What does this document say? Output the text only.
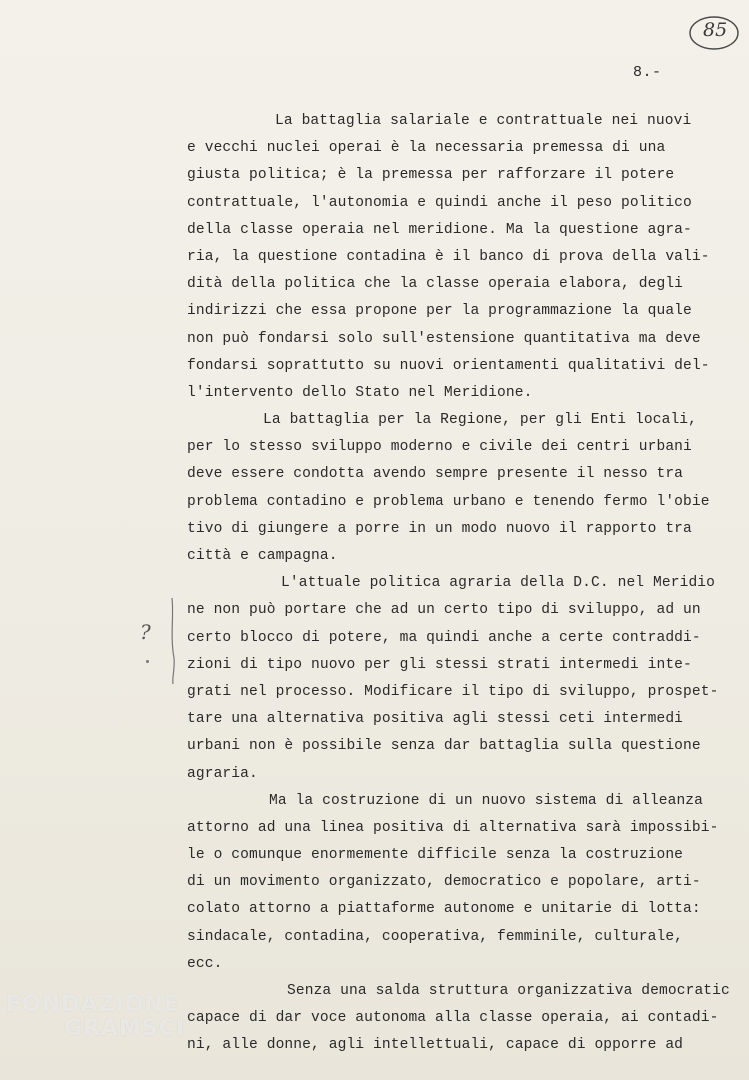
85
8.-
La battaglia salariale e contrattuale nei nuovi
e vecchi nuclei operai è la necessaria premessa di una
giusta politica; è la premessa per rafforzare il potere
contrattuale, l'autonomia e quindi anche il peso politico
della classe operaia nel meridione. Ma la questione agra-
ria, la questione contadina è il banco di prova della vali-
dità della politica che la classe operaia elabora, degli
indirizzi che essa propone per la programmazione la quale
non può fondarsi solo sull'estensione quantitativa ma deve
fondarsi soprattutto su nuovi orientamenti qualitativi del-
l'intervento dello Stato nel Meridione.
La battaglia per la Regione, per gli Enti locali,
per lo stesso sviluppo moderno e civile dei centri urbani
deve essere condotta avendo sempre presente il nesso tra
problema contadino e problema urbano e tenendo fermo l'obie
tivo di giungere a porre in un modo nuovo il rapporto tra
città e campagna.
L'attuale politica agraria della D.C. nel Meridio
ne non può portare che ad un certo tipo di sviluppo, ad un
certo blocco di potere, ma quindi anche a certe contraddi-
zioni di tipo nuovo per gli stessi strati intermedi inte-
grati nel processo. Modificare il tipo di sviluppo, prospet-
tare una alternativa positiva agli stessi ceti intermedi
urbani non è possibile senza dar battaglia sulla questione
agraria.
Ma la costruzione di un nuovo sistema di alleanza
attorno ad una linea positiva di alternativa sarà impossibi-
le o comunque enormemente difficile senza la costruzione
di un movimento organizzato, democratico e popolare, arti-
colato attorno a piattaforme autonome e unitarie di lotta:
sindacale, contadina, cooperativa, femminile, culturale,
ecc.
Senza una salda struttura organizzativa democratic
capace di dar voce autonoma alla classe operaia, ai contadi-
ni, alle donne, agli intellettuali, capace di opporre ad
?
FONDAZIONE
GRAMSCI
